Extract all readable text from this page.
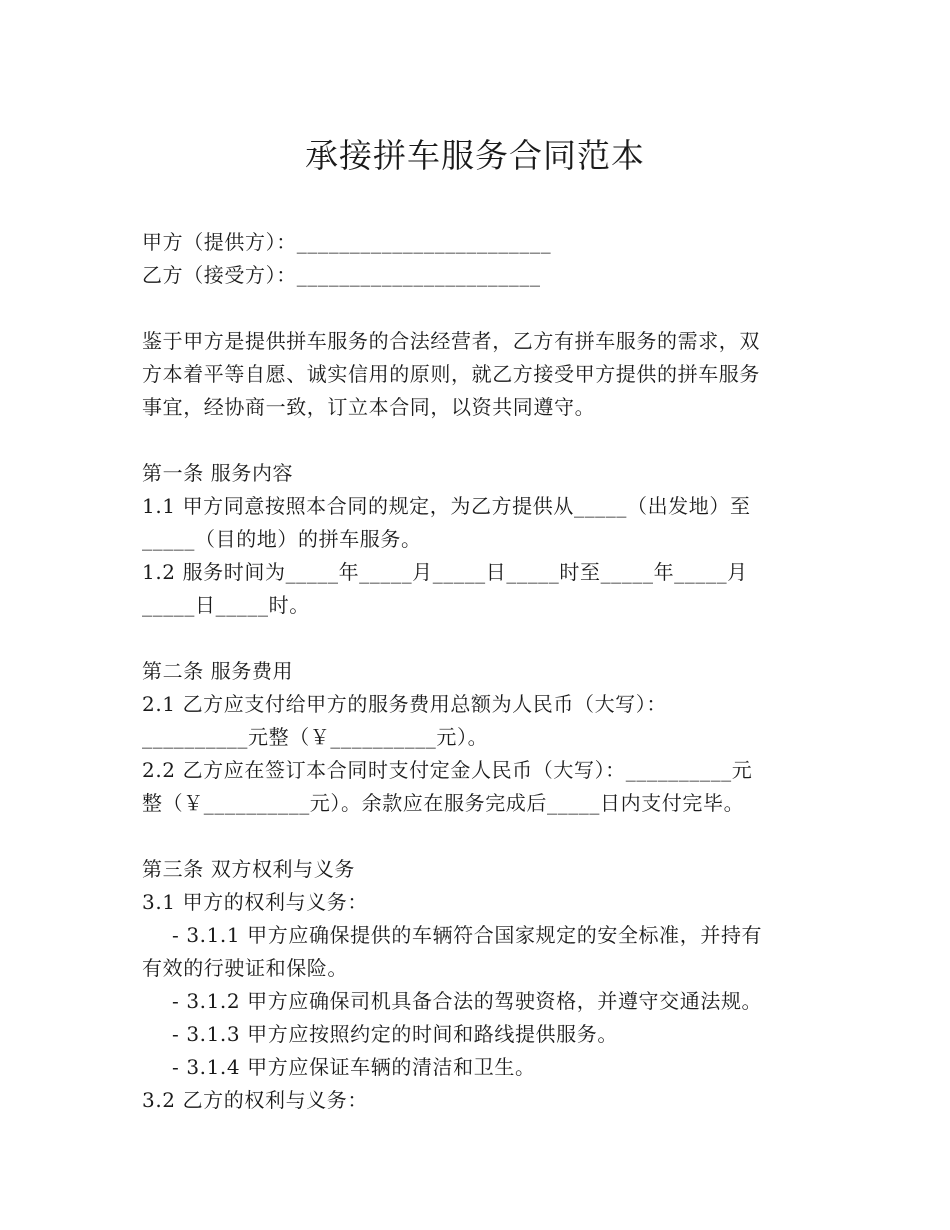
承接拼车服务合同范本
甲方（提供方）：________________________
乙方（接受方）：_______________________
鉴于甲方是提供拼车服务的合法经营者，乙方有拼车服务的需求，双
方本着平等自愿、诚实信用的原则，就乙方接受甲方提供的拼车服务
事宜，经协商一致，订立本合同，以资共同遵守。
第一条 服务内容
1.1 甲方同意按照本合同的规定，为乙方提供从_____（出发地）至
_____（目的地）的拼车服务。
1.2 服务时间为_____年_____月_____日_____时至_____年_____月
_____日_____时。
第二条 服务费用
2.1 乙方应支付给甲方的服务费用总额为人民币（大写）：
__________元整（￥__________元）。
2.2 乙方应在签订本合同时支付定金人民币（大写）：__________元
整（￥__________元）。余款应在服务完成后_____日内支付完毕。
第三条 双方权利与义务
3.1 甲方的权利与义务：
- 3.1.1 甲方应确保提供的车辆符合国家规定的安全标准，并持有
有效的行驶证和保险。
- 3.1.2 甲方应确保司机具备合法的驾驶资格，并遵守交通法规。
- 3.1.3 甲方应按照约定的时间和路线提供服务。
- 3.1.4 甲方应保证车辆的清洁和卫生。
3.2 乙方的权利与义务：
